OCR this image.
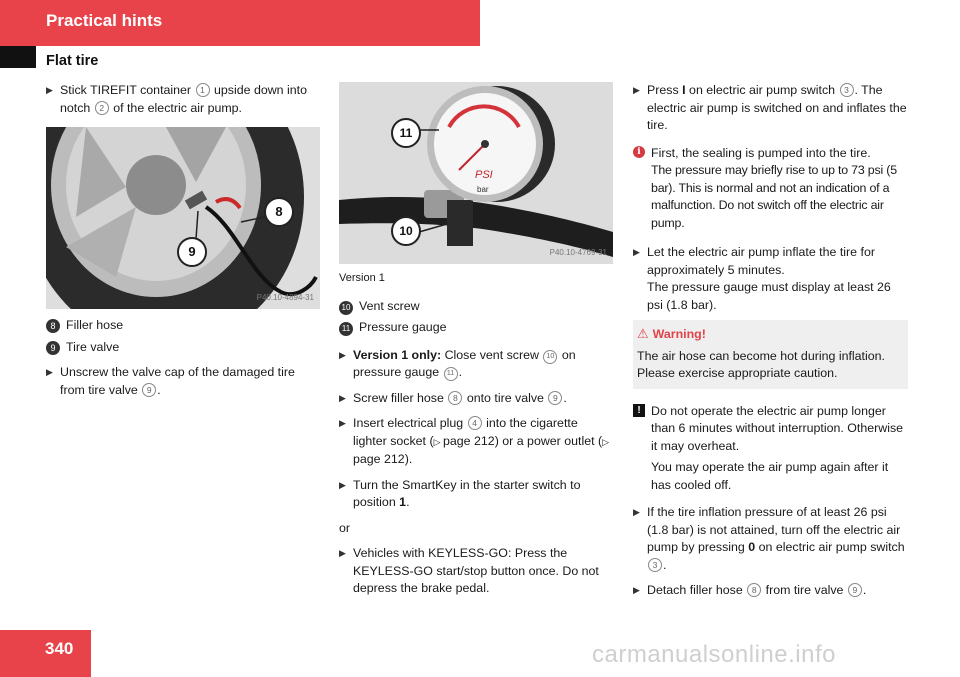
Practical hints
Flat tire
▶ Stick TIREFIT container 1 upside down into notch 2 of the electric air pump.
8
9
P40.10-4894-31
8 Filler hose
9 Tire valve
▶ Unscrew the valve cap of the damaged tire from tire valve 9 .
PSI
bar
11
10
P40.10-4769-31
Version 1
10 Vent screw
11 Pressure gauge
▶ Version 1 only: Close vent screw 10 on pressure gauge 11 .
▶ Screw filler hose 8 onto tire valve 9 .
▶ Insert electrical plug 4 into the cigarette lighter socket (▷ page 212) or a power outlet (▷ page 212).
▶ Turn the SmartKey in the starter switch to position 1.
or
▶ Vehicles with KEYLESS-GO: Press the KEYLESS-GO start/stop button once. Do not depress the brake pedal.
▶ Press I on electric air pump switch 3 . The electric air pump is switched on and inflates the tire.
i First, the sealing is pumped into the tire.

The pressure may briefly rise to up to 73 psi (5 bar). This is normal and not an indication of a malfunction. Do not switch off the electric air pump.

▶ Let the electric air pump inflate the tire for approximately 5 minutes.
The pressure gauge must display at least 26 psi (1.8 bar).
⚠ Warning!
The air hose can become hot during inflation. Please exercise appropriate caution.
! Do not operate the electric air pump longer than 6 minutes without interruption. Otherwise it may overheat.

You may operate the air pump again after it has cooled off.

▶ If the tire inflation pressure of at least 26 psi (1.8 bar) is not attained, turn off the electric air pump by pressing 0 on electric air pump switch 3 .
▶ Detach filler hose 8 from tire valve 9 .
340	carmanualsonline.info
